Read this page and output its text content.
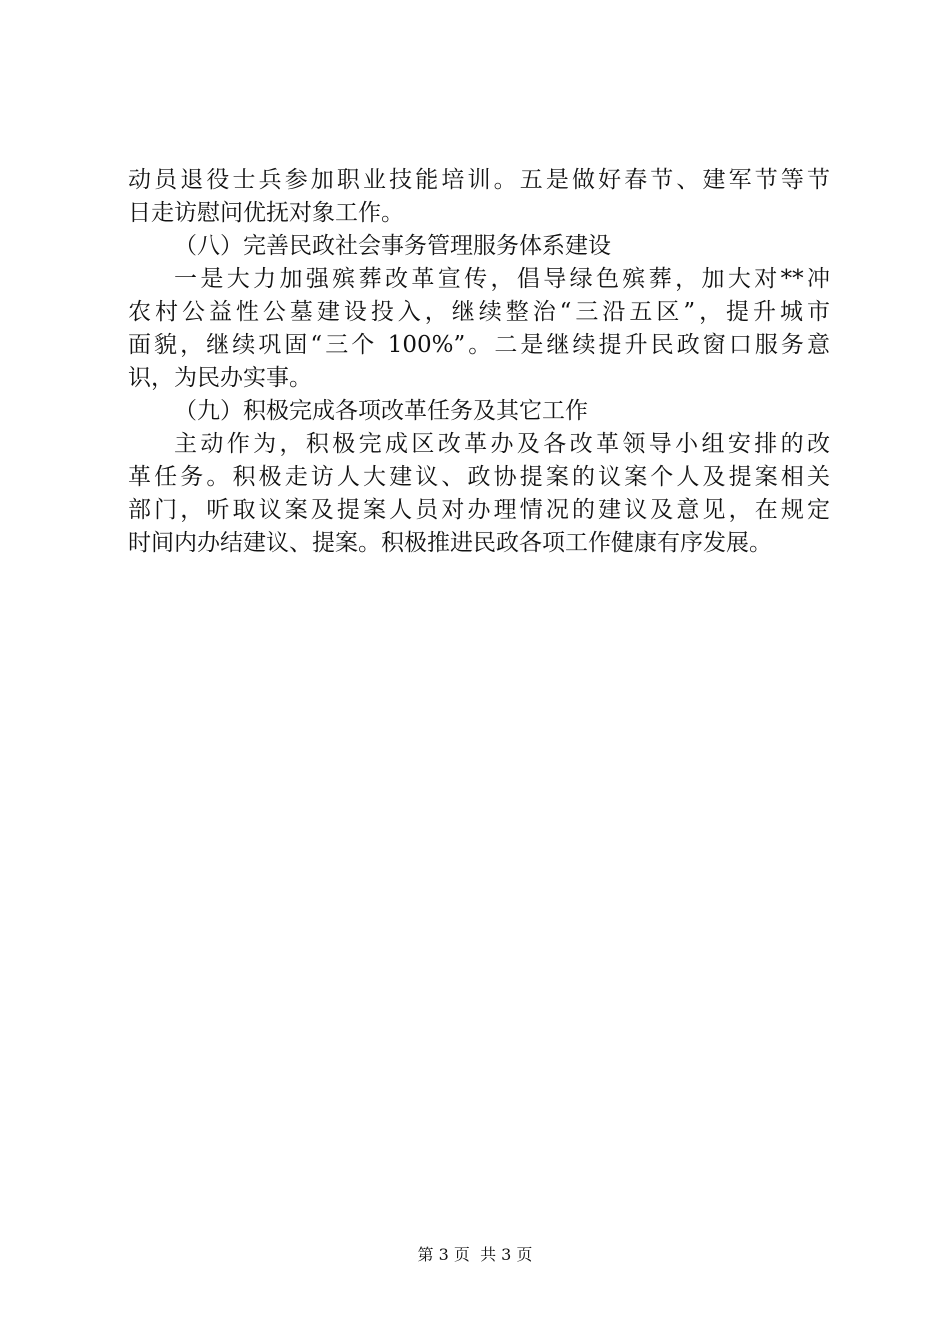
动员退役士兵参加职业技能培训。五是做好春节、建军节等节
日走访慰问优抚对象工作。
（八）完善民政社会事务管理服务体系建设
一是大力加强殡葬改革宣传，倡导绿色殡葬，加大对**冲
农村公益性公墓建设投入，继续整治“三沿五区”，提升城市
面貌，继续巩固“三个 100%”。二是继续提升民政窗口服务意
识，为民办实事。
（九）积极完成各项改革任务及其它工作
主动作为，积极完成区改革办及各改革领导小组安排的改
革任务。积极走访人大建议、政协提案的议案个人及提案相关
部门，听取议案及提案人员对办理情况的建议及意见，在规定
时间内办结建议、提案。积极推进民政各项工作健康有序发展。
第 3 页  共 3 页
